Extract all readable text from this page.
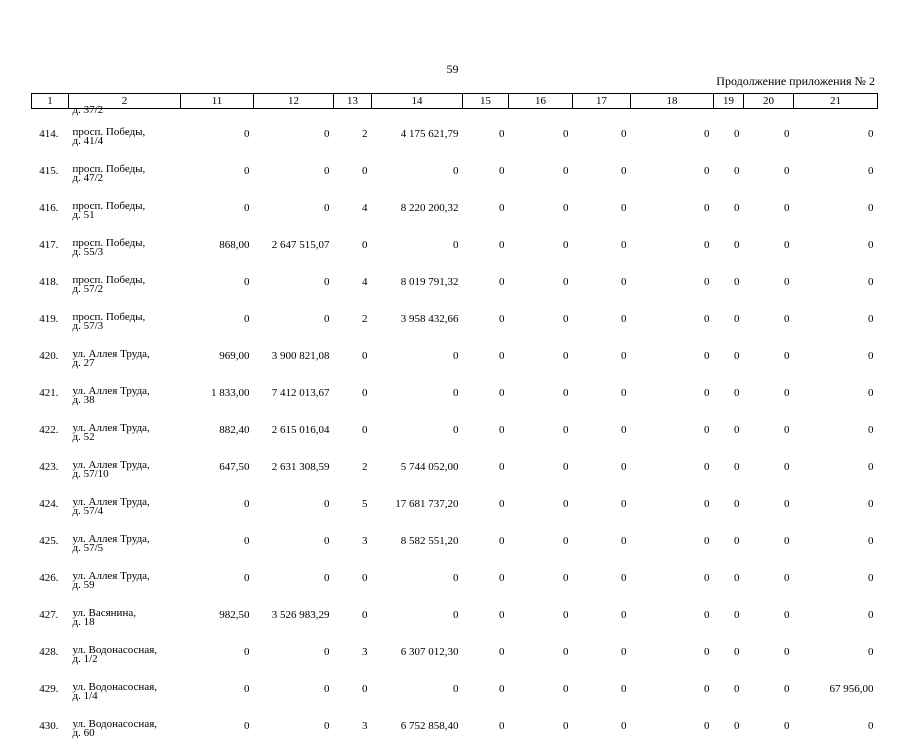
59
Продолжение приложения № 2
1	2	11	12	13	14	15	16	17	18	19	20	21
	д. 37/2											
414.	просп. Победы,
д. 41/4	0	0	2	4 175 621,79	0	0	0	0	0	0	0
415.	просп. Победы,
д. 47/2	0	0	0	0	0	0	0	0	0	0	0
416.	просп. Победы,
д. 51	0	0	4	8 220 200,32	0	0	0	0	0	0	0
417.	просп. Победы,
д. 55/3	868,00	2 647 515,07	0	0	0	0	0	0	0	0	0
418.	просп. Победы,
д. 57/2	0	0	4	8 019 791,32	0	0	0	0	0	0	0
419.	просп. Победы,
д. 57/3	0	0	2	3 958 432,66	0	0	0	0	0	0	0
420.	ул. Аллея Труда,
д. 27	969,00	3 900 821,08	0	0	0	0	0	0	0	0	0
421.	ул. Аллея Труда,
д. 38	1 833,00	7 412 013,67	0	0	0	0	0	0	0	0	0
422.	ул. Аллея Труда,
д. 52	882,40	2 615 016,04	0	0	0	0	0	0	0	0	0
423.	ул. Аллея Труда,
д. 57/10	647,50	2 631 308,59	2	5 744 052,00	0	0	0	0	0	0	0
424.	ул. Аллея Труда,
д. 57/4	0	0	5	17 681 737,20	0	0	0	0	0	0	0
425.	ул. Аллея Труда,
д. 57/5	0	0	3	8 582 551,20	0	0	0	0	0	0	0
426.	ул. Аллея Труда,
д. 59	0	0	0	0	0	0	0	0	0	0	0
427.	ул. Васянина,
д. 18	982,50	3 526 983,29	0	0	0	0	0	0	0	0	0
428.	ул. Водонасосная,
д. 1/2	0	0	3	6 307 012,30	0	0	0	0	0	0	0
429.	ул. Водонасосная,
д. 1/4	0	0	0	0	0	0	0	0	0	0	67 956,00
430.	ул. Водонасосная,
д. 60	0	0	3	6 752 858,40	0	0	0	0	0	0	0
